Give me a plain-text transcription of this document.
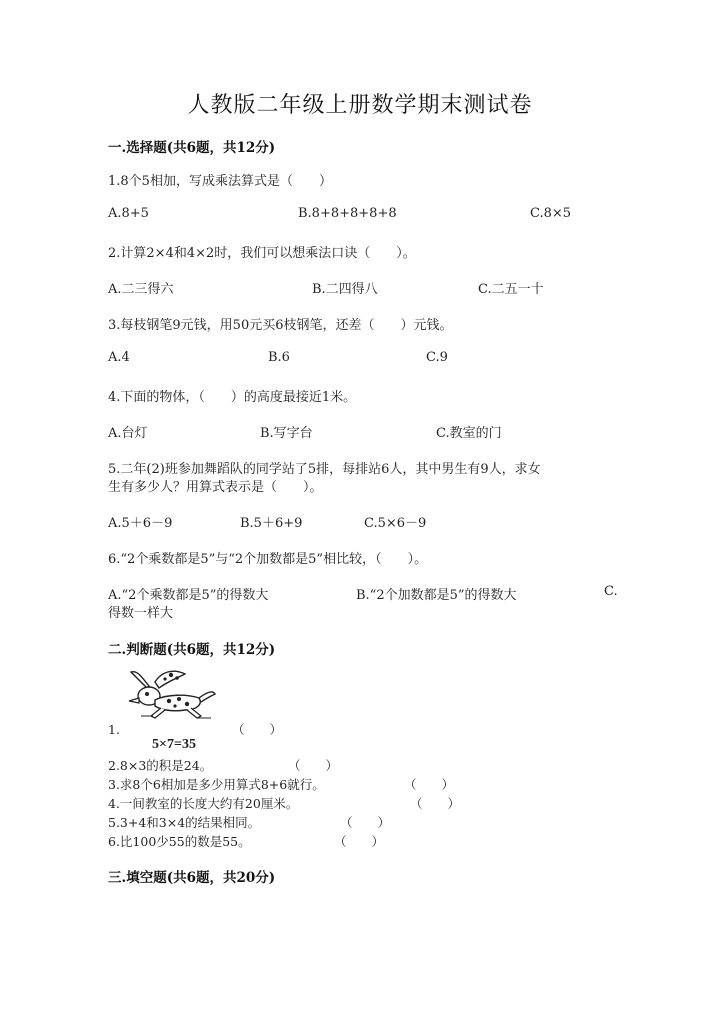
人教版二年级上册数学期末测试卷
一.选择题(共6题，共12分)
1.8个5相加，写成乘法算式是（　　）
A.8+5	B.8+8+8+8+8	C.8×5
2.计算2×4和4×2时，我们可以想乘法口诀（　　）。
A.二三得六	B.二四得八	C.二五一十
3.每枝钢笔9元钱，用50元买6枝钢笔，还差（　　）元钱。
A.4	B.6	C.9
4.下面的物体，（　　）的高度最接近1米。
A.台灯	B.写字台	C.教室的门
5.二年(2)班参加舞蹈队的同学站了5排，每排站6人，其中男生有9人，求女
生有多少人？用算式表示是（　　）。
A.5＋6－9	B.5＋6+9	C.5×6－9
6.“2个乘数都是5”与“2个加数都是5”相比较，（　　）。
A.“2个乘数都是5”的得数大	B.“2个加数都是5”的得数大	C.
得数一样大
二.判断题(共6题，共12分)
1.	（　　）
5×7=35
2.8×3的积是24。	（　　）
3.求8个6相加是多少用算式8+6就行。	（　　）
4.一间教室的长度大约有20厘米。	（　　）
5.3+4和3×4的结果相同。	（　　）
6.比100少55的数是55。	（　　）
三.填空题(共6题，共20分)
